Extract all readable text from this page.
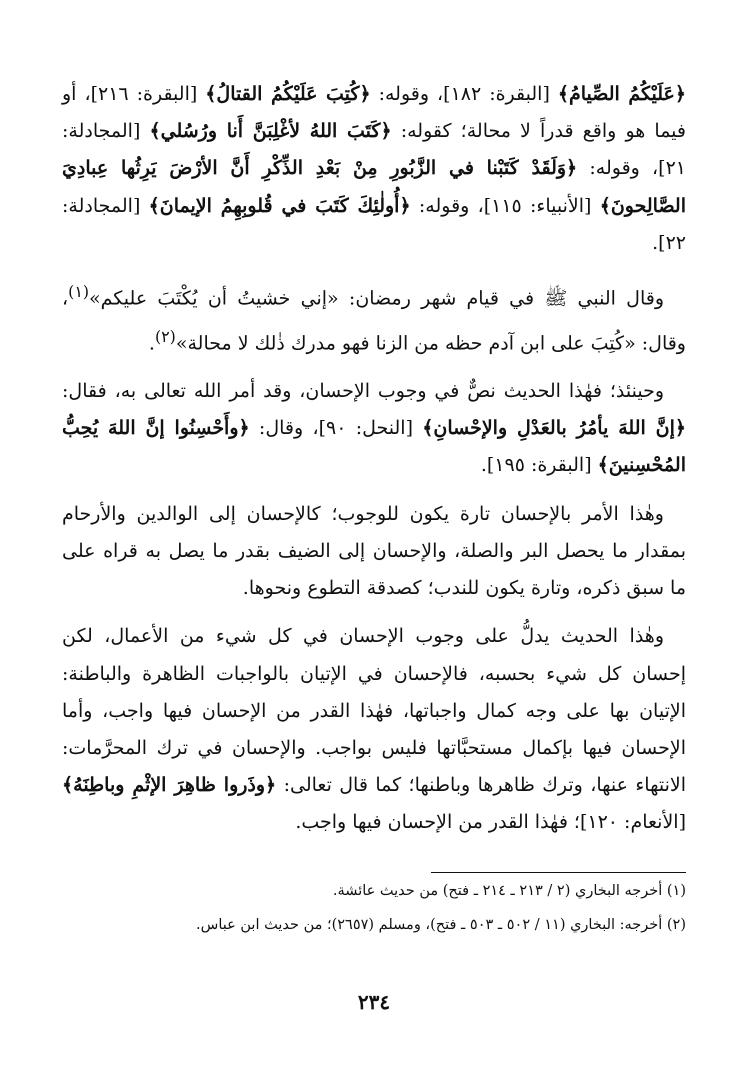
﴿عَلَيْكُمُ الصِّيامُ﴾ [البقرة: ١٨٢]، وقوله: ﴿كُتِبَ عَلَيْكُمُ القتالُ﴾ [البقرة: ٢١٦]، أو فيما هو واقع قدراً لا محالة؛ كقوله: ﴿كَتَبَ اللهُ لأغْلِبَنَّ أَنا ورُسُلي﴾ [المجادلة: ٢١]، وقوله: ﴿وَلَقَدْ كَتَبْنا في الزَّبُورِ مِنْ بَعْدِ الذِّكْرِ أَنَّ الأرْضَ يَرِثُها عِبادِيَ الصَّالِحونَ﴾ [الأنبياء: ١١٥]، وقوله: ﴿أُولٰئِكَ كَتَبَ في قُلوبِهِمُ الإيمانَ﴾ [المجادلة: ٢٢].

وقال النبي ﷺ في قيام شهر رمضان: «إني خشيتُ أن يُكْتَبَ عليكم»$^{(١)}$، وقال: «كُتِبَ على ابن آدم حظه من الزنا فهو مدرك ذٰلك لا محالة»$^{(٢)}$.

وحينئذ؛ فهٰذا الحديث نصٌّ في وجوب الإحسان، وقد أمر الله تعالى به، فقال: ﴿إنَّ اللهَ يأمُرُ بالعَدْلِ والإحْسانِ﴾ [النحل: ٩٠]، وقال: ﴿وأَحْسِنُوا إنَّ اللهَ يُحِبُّ المُحْسِنينَ﴾ [البقرة: ١٩٥].

وهٰذا الأمر بالإحسان تارة يكون للوجوب؛ كالإحسان إلى الوالدين والأرحام بمقدار ما يحصل البر والصلة، والإحسان إلى الضيف بقدر ما يصل به قراه على ما سبق ذكره، وتارة يكون للندب؛ كصدقة التطوع ونحوها.

وهٰذا الحديث يدلُّ على وجوب الإحسان في كل شيء من الأعمال، لكن إحسان كل شيء بحسبه، فالإحسان في الإتيان بالواجبات الظاهرة والباطنة: الإتيان بها على وجه كمال واجباتها، فهٰذا القدر من الإحسان فيها واجب، وأما الإحسان فيها بإكمال مستحبَّاتها فليس بواجب. والإحسان في ترك المحرَّمات: الانتهاء عنها، وترك ظاهرها وباطنها؛ كما قال تعالى: ﴿وذَروا ظاهِرَ الإثْمِ وباطِنَهُ﴾ [الأنعام: ١٢٠]؛ فهٰذا القدر من الإحسان فيها واجب.

(١) أخرجه البخاري (٢ / ٢١٣ ـ ٢١٤ ـ فتح) من حديث عائشة.

(٢) أخرجه: البخاري (١١ / ٥٠٢ ـ ٥٠٣ ـ فتح)، ومسلم (٢٦٥٧)؛ من حديث ابن عباس.

٢٣٤
